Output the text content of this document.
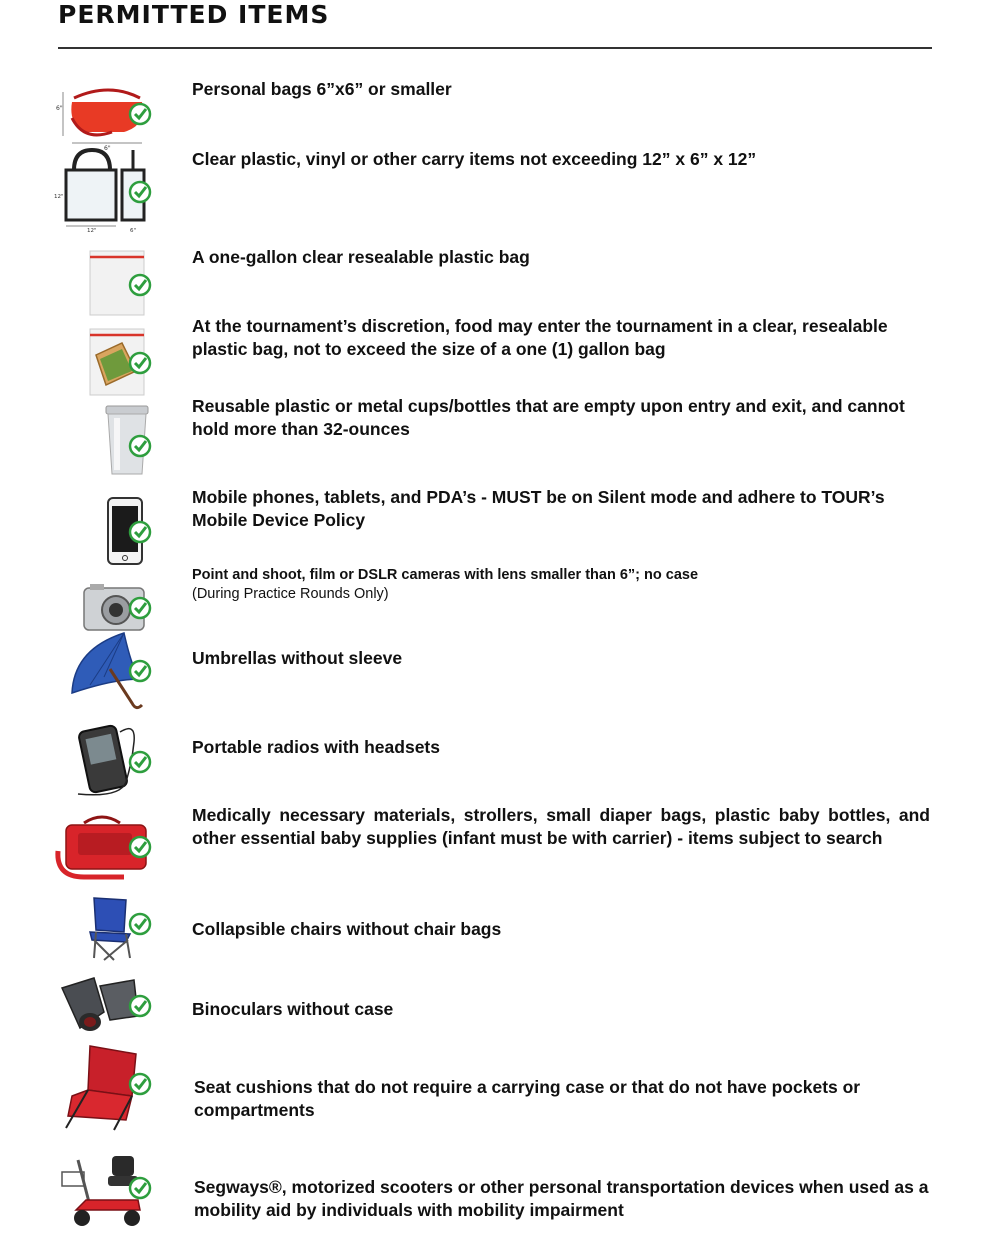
PERMITTED ITEMS
6"
6"
Personal bags 6”x6” or smaller
12"
12"	6"
Clear plastic, vinyl or other carry items not exceeding 12” x 6” x 12”
A one-gallon clear resealable plastic bag
At the tournament’s discretion, food may enter the tournament in a clear, resealable plastic bag, not to exceed the size of a one (1) gallon bag
Reusable plastic or metal cups/bottles that are empty upon entry and exit, and cannot hold more than 32-ounces
Mobile phones, tablets, and PDA’s - MUST be on Silent mode and adhere to TOUR’s Mobile Device Policy
Point and shoot, film or DSLR cameras with lens smaller than 6”; no case
(During Practice Rounds Only)
Umbrellas without sleeve
Portable radios with headsets
Medically necessary materials, strollers, small diaper bags, plastic baby bottles, and other essential baby supplies (infant must be with carrier) - items subject to search
Collapsible chairs without chair bags
Binoculars without case
Seat cushions that do not require a carrying case or that do not have pockets or compartments
Segways®, motorized scooters or other personal transportation devices when used as a mobility aid by individuals with mobility impairment
